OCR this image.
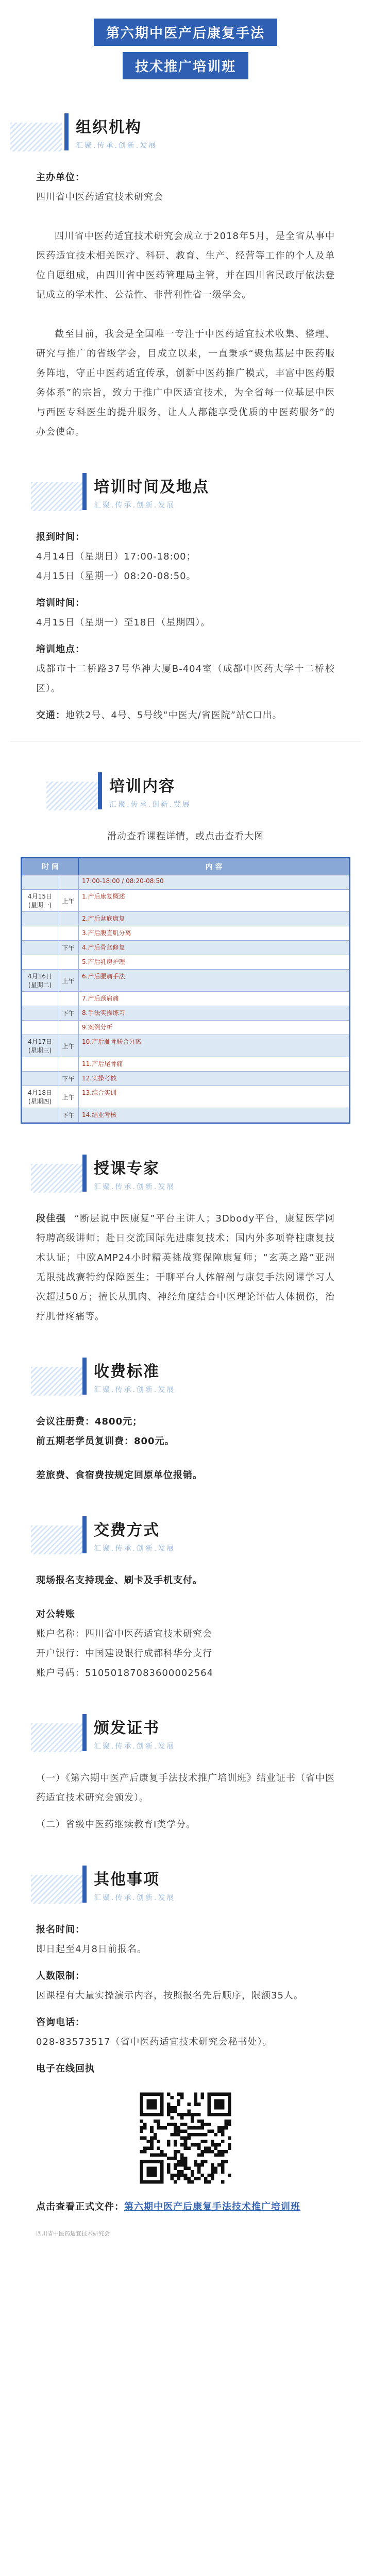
第六期中医产后康复手法
技术推广培训班
组织机构
汇聚.传承.创新.发展

主办单位：

四川省中医药适宜技术研究会

四川省中医药适宜技术研究会成立于2018年5月，是全省从事中医药适宜技术相关医疗、科研、教育、生产、经营等工作的个人及单位自愿组成，由四川省中医药管理局主管，并在四川省民政厅依法登记成立的学术性、公益性、非营利性省一级学会。

截至目前，我会是全国唯一专注于中医药适宜技术收集、整理、研究与推广的省级学会，目成立以来，一直秉承“聚焦基层中医药服务阵地，守正中医药适宜传承，创新中医药推广模式，丰富中医药服务体系”的宗旨，致力于推广中医适宜技术，为全省每一位基层中医与西医专科医生的提升服务，让人人都能享受优质的中医药服务”的办会使命。

培训时间及地点
汇聚.传承.创新.发展

报到时间：

4月14日（星期日）17:00-18:00；

4月15日（星期一）08:20-08:50。

培训时间：

4月15日（星期一）至18日（星期四）。

培训地点：

成都市十二桥路37号华神大厦B-404室（成都中医药大学十二桥校区）。

交通：地铁2号、4号、5号线“中医大/省医院”站C口出。

培训内容
汇聚.传承.创新.发展

滑动查看课程详情，或点击查看大图

时 间		内 容
		17:00-18:00 / 08:20-08:50
4月15日 (星期一)	上午	1.产后康复概述
		2.产后盆底康复
		3.产后腹直肌分离
	下午	4.产后骨盆修复
		5.产后乳房护理
4月16日 (星期二)	上午	6.产后腰痛手法
		7.产后颈肩痛
	下午	8.手法实操练习
		9.案例分析
4月17日 (星期三)	上午	10.产后耻骨联合分离
		11.产后尾骨痛
	下午	12.实操考核
4月18日 (星期四)	上午	13.综合实训
	下午	14.结业考核
授课专家
汇聚.传承.创新.发展

段佳强 “断层说中医康复”平台主讲人；3Dbody平台，康复医学网特聘高级讲师；赴日交流国际先进康复技术；国内外多项脊柱康复技术认证；中欧AMP24小时精英挑战赛保障康复师；“玄英之路”亚洲无限挑战赛特约保障医生；干聊平台人体解剖与康复手法网课学习人次超过50万；擅长从肌肉、神经角度结合中医理论评估人体损伤，治疗肌骨疼痛等。

收费标准
汇聚.传承.创新.发展

会议注册费：4800元；

前五期老学员复训费：800元。

差旅费、食宿费按规定回原单位报销。

交费方式
汇聚.传承.创新.发展

现场报名支持现金、刷卡及手机支付。

对公转账

账户名称：四川省中医药适宜技术研究会

开户银行：中国建设银行成都科华分支行

账户号码：51050187083600002564

颁发证书
汇聚.传承.创新.发展

（一）《第六期中医产后康复手法技术推广培训班》结业证书（省中医药适宜技术研究会颁发）。

（二）省级中医药继续教育I类学分。

其他事项
汇聚.传承.创新.发展

报名时间：

即日起至4月8日前报名。

人数限制：

因课程有大量实操演示内容，按照报名先后顺序，限额35人。

咨询电话：

028-83573517（省中医药适宜技术研究会秘书处）。

电子在线回执

点击查看正式文件：第六期中医产后康复手法技术推广培训班

四川省中医药适宜技术研究会
